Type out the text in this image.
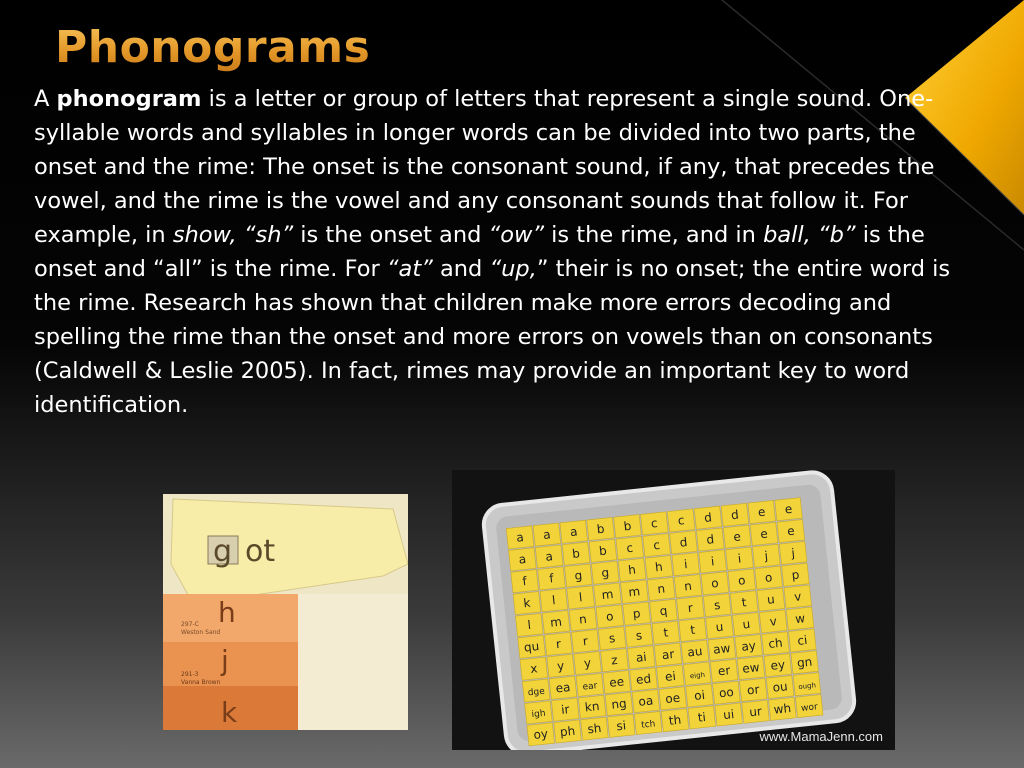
Phonograms
A phonogram is a letter or group of letters that represent a single sound. One-syllable words and syllables in longer words can be divided into two parts, the onset and the rime: The onset is the consonant sound, if any, that precedes the vowel, and the rime is the vowel and any consonant sounds that follow it. For example, in show, “sh” is the onset and “ow” is the rime, and in ball, “b” is the onset and “all” is the rime. For “at” and “up,” their is no onset; the entire word is the rime. Research has shown that children make more errors decoding and spelling the rime than the onset and more errors on vowels than on consonants (Caldwell & Leslie 2005). In fact, rimes may provide an important key to word identification.
g ot
h
j
k
297-C
Weston Sand
291-3
Vanna Brown
a a a b b c c d d e e
a a b b c c d d e e e
f f g g h h i i i j j
k l l m m n n o o o p
l m n o p q r s t u v
qu r r s s t t u u v w
x y y z ai ar au aw ay ch ci
dge ea ear ee ed ei eigh er ew ey gn
igh ir kn ng oa oe oi oo or ou ough
oy ph sh si tch th ti ui ur wh wor
www.MamaJenn.com
